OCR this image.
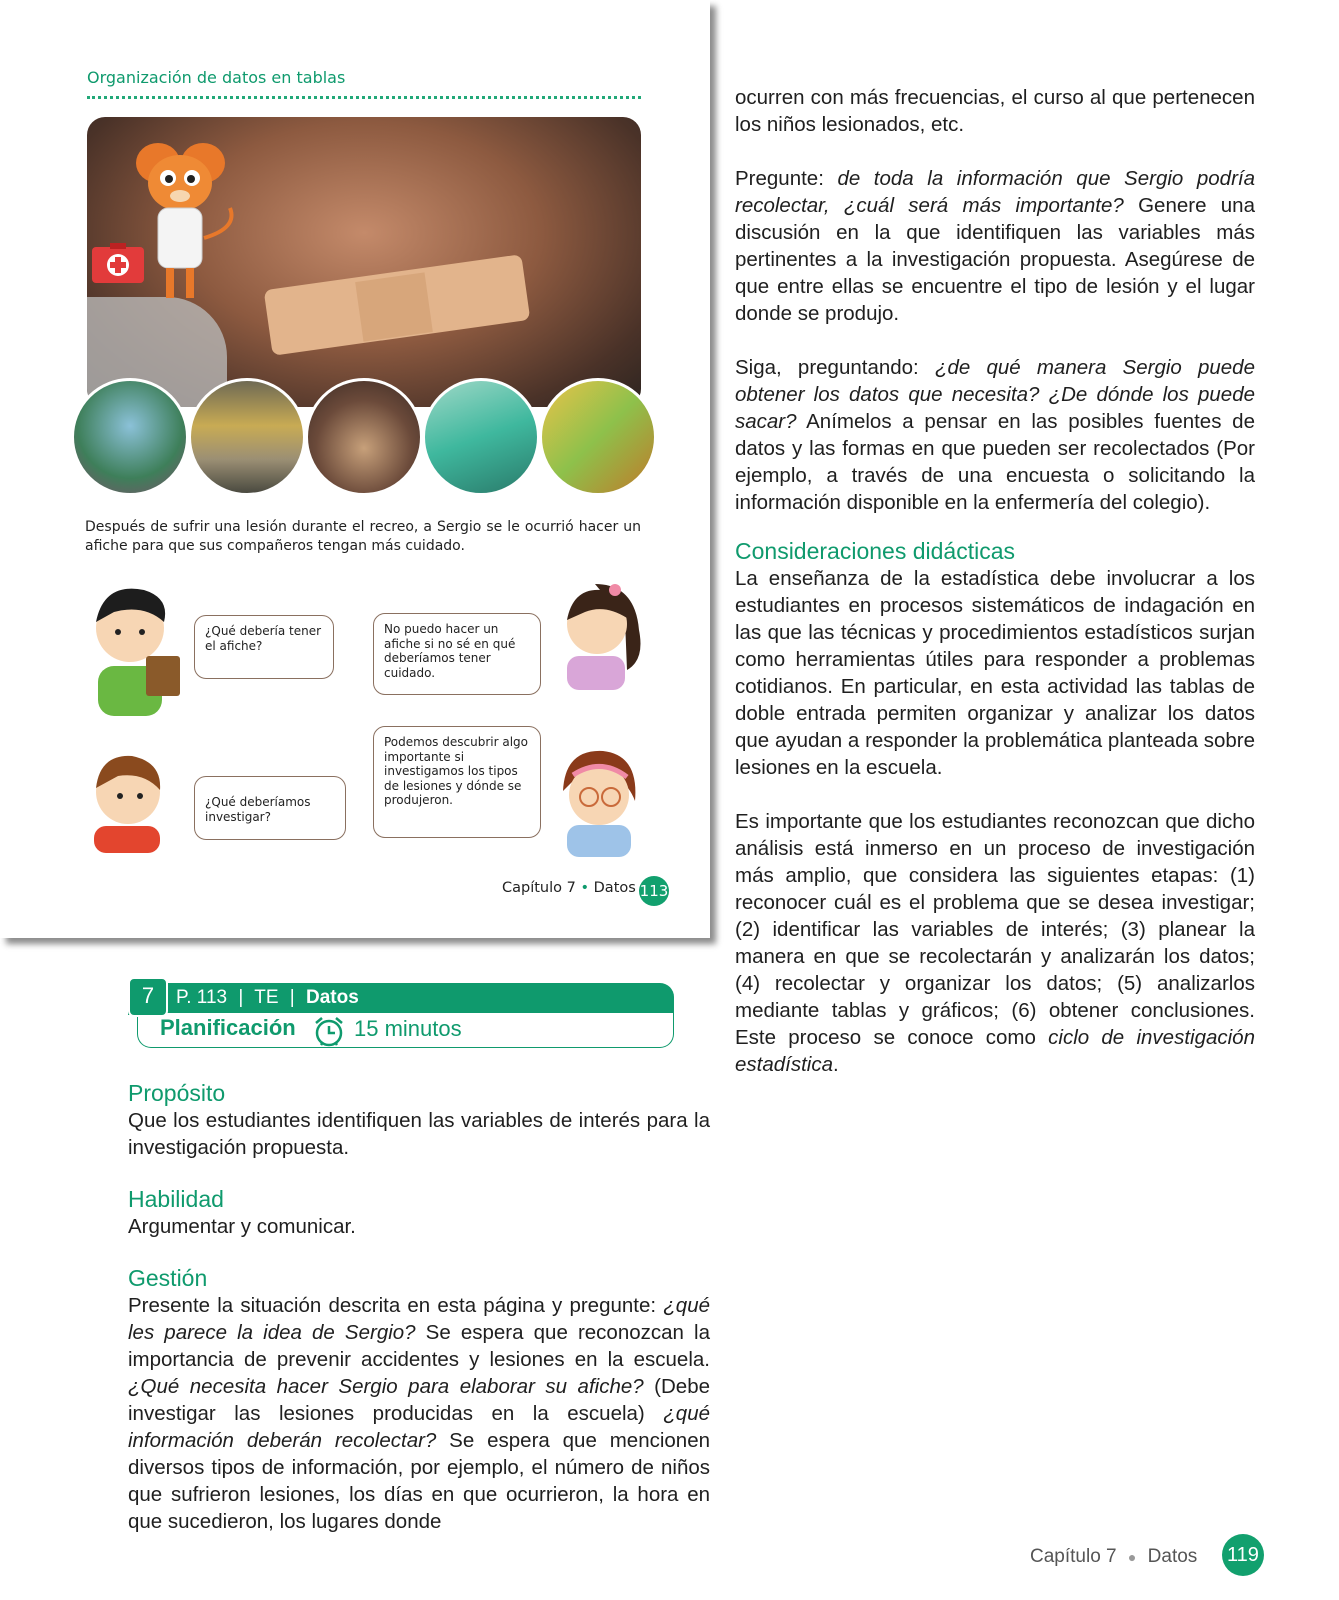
Organización de datos en tablas
Después de sufrir una lesión durante el recreo, a Sergio se le ocurrió hacer un afiche para que sus compañeros tengan más cuidado.
¿Qué debería tener el afiche?
No puedo hacer un afiche si no sé en qué deberíamos tener cuidado.
¿Qué deberíamos investigar?
Podemos descubrir algo importante si investigamos los tipos de lesiones y dónde se produjeron.
Capítulo 7 • Datos 113
7	P. 113 | TE | Datos
Planificación	15 minutos
Propósito

Que los estudiantes identifiquen las variables de interés para la investigación propuesta.

Habilidad

Argumentar y comunicar.

Gestión

Presente la situación descrita en esta página y pregunte: ¿qué les parece la idea de Sergio? Se espera que reconozcan la importancia de prevenir accidentes y lesiones en la escuela. ¿Qué necesita hacer Sergio para elaborar su afiche? (Debe investigar las lesiones producidas en la escuela) ¿qué información deberán recolectar? Se espera que mencionen diversos tipos de información, por ejemplo, el número de niños que sufrieron lesiones, los días en que ocurrieron, la hora en que sucedieron, los lugares donde

ocurren con más frecuencias, el curso al que pertenecen los niños lesionados, etc.

Pregunte: de toda la información que Sergio podría recolectar, ¿cuál será más importante? Genere una discusión en la que identifiquen las variables más pertinentes a la investigación propuesta. Asegúrese de que entre ellas se encuentre el tipo de lesión y el lugar donde se produjo.

Siga, preguntando: ¿de qué manera Sergio puede obtener los datos que necesita? ¿De dónde los puede sacar? Anímelos a pensar en las posibles fuentes de datos y las formas en que pueden ser recolectados (Por ejemplo, a través de una encuesta o solicitando la información disponible en la enfermería del colegio).

Consideraciones didácticas

La enseñanza de la estadística debe involucrar a los estudiantes en procesos sistemáticos de indagación en las que las técnicas y procedimientos estadísticos surjan como herramientas útiles para responder a problemas cotidianos. En particular, en esta actividad las tablas de doble entrada permiten organizar y analizar los datos que ayudan a responder la problemática planteada sobre lesiones en la escuela.

Es importante que los estudiantes reconozcan que dicho análisis está inmerso en un proceso de investigación más amplio, que considera las siguientes etapas: (1) reconocer cuál es el problema que se desea investigar; (2) identificar las variables de interés; (3) planear la manera en que se recolectarán y analizarán los datos; (4) recolectar y organizar los datos; (5) analizarlos mediante tablas y gráficos; (6) obtener conclusiones. Este proceso se conoce como ciclo de investigación estadística.

Capítulo 7 ● Datos 119
